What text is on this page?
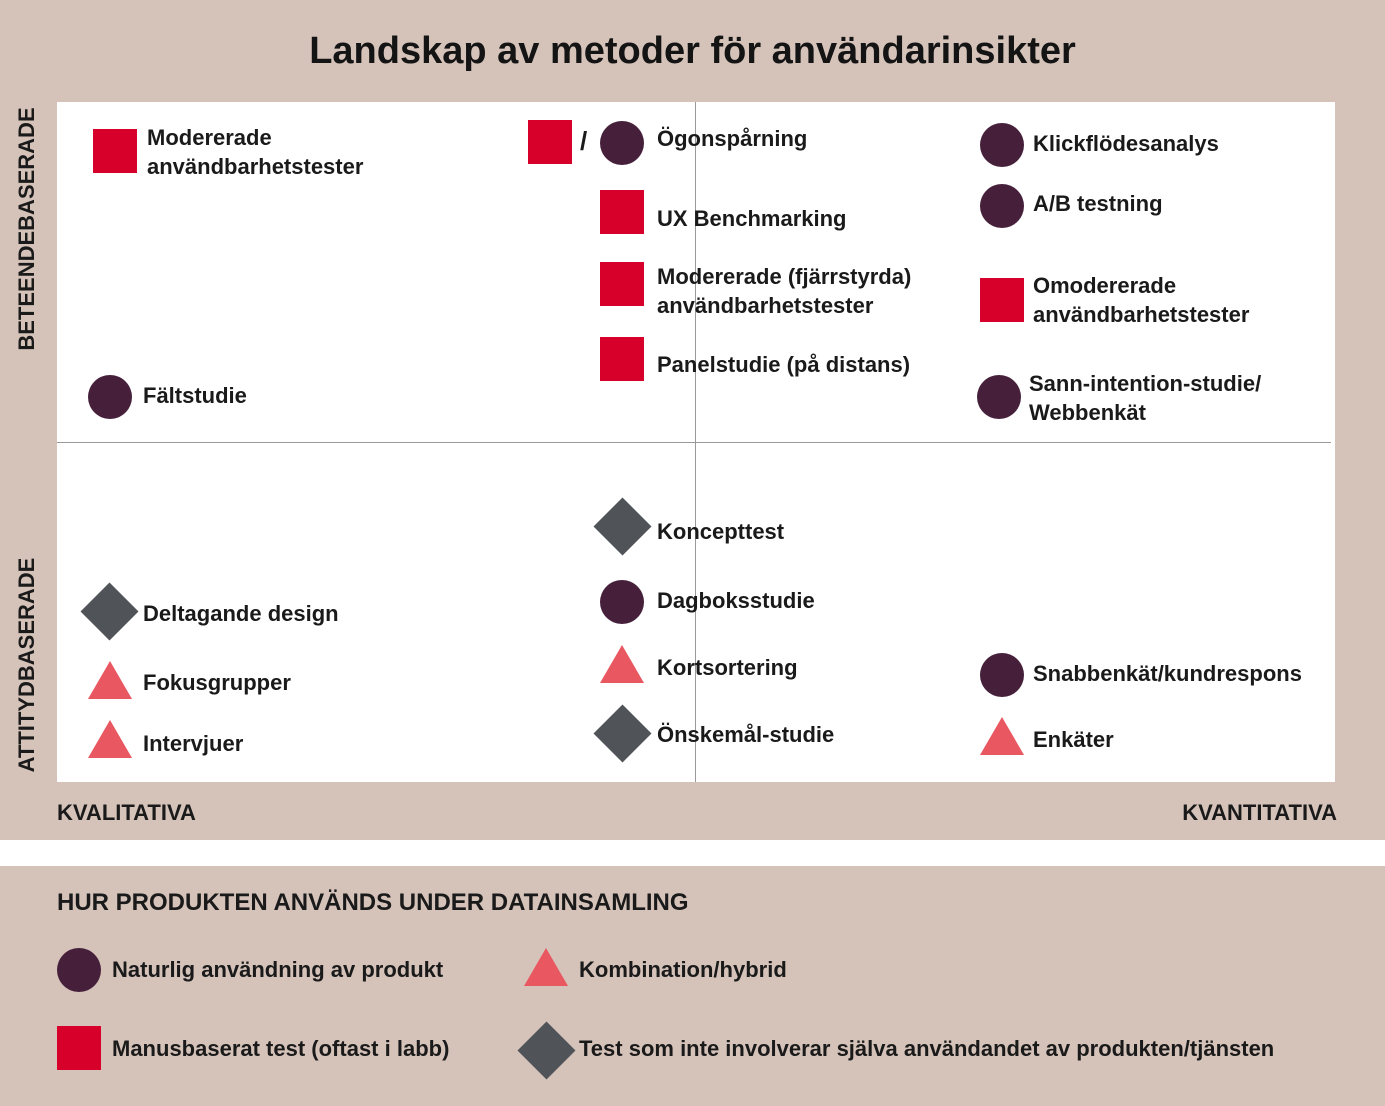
Landskap av metoder för användarinsikter
BETEENDEBASERADE
ATTITYDBASERADE
KVALITATIVA	KVANTITATIVA
Modererade
användbarhetstester
Fältstudie
/	Ögonspårning
UX Benchmarking
Modererade (fjärrstyrda)
användbarhetstester
Panelstudie (på distans)
Klickflödesanalys
A/B testning
Omodererade
användbarhetstester
Sann-intention-studie/
Webbenkät
Koncepttest
Dagboksstudie
Kortsortering
Önskemål-studie
Deltagande design
Fokusgrupper
Intervjuer
Snabbenkät/kundrespons
Enkäter
HUR PRODUKTEN ANVÄNDS UNDER DATAINSAMLING
Naturlig användning av produkt	Kombination/hybrid
Manusbaserat test (oftast i labb)	Test som inte involverar själva användandet av produkten/tjänsten
